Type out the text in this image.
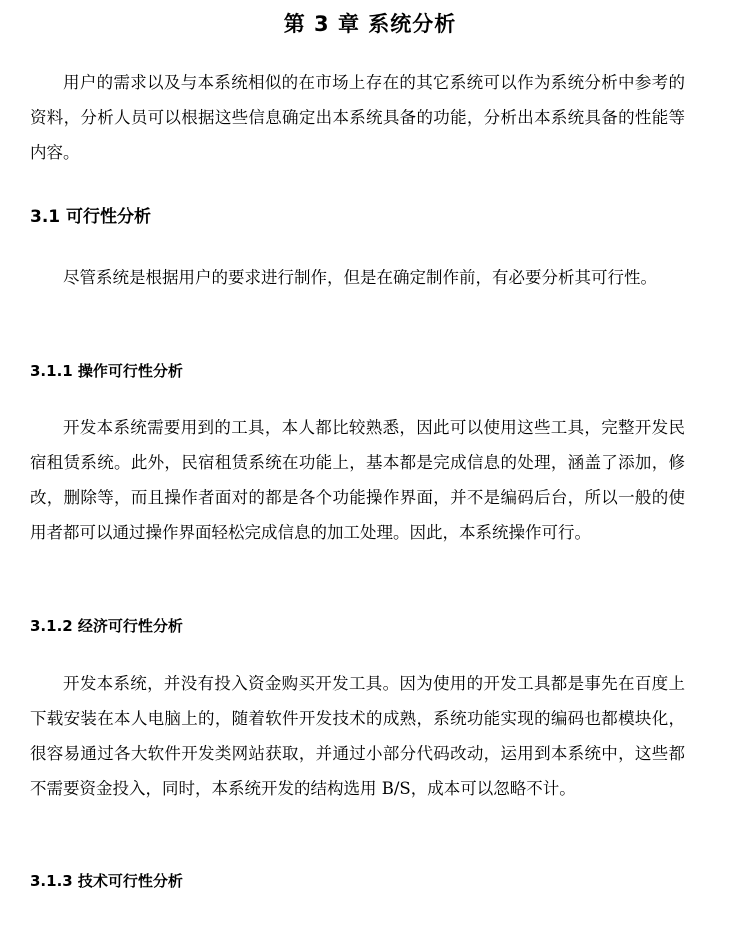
第 3 章 系统分析

用户的需求以及与本系统相似的在市场上存在的其它系统可以作为系统分析中参考的资料，分析人员可以根据这些信息确定出本系统具备的功能，分析出本系统具备的性能等内容。

3.1 可行性分析

尽管系统是根据用户的要求进行制作，但是在确定制作前，有必要分析其可行性。

3.1.1 操作可行性分析

开发本系统需要用到的工具，本人都比较熟悉，因此可以使用这些工具，完整开发民宿租赁系统。此外，民宿租赁系统在功能上，基本都是完成信息的处理，涵盖了添加，修改，删除等，而且操作者面对的都是各个功能操作界面，并不是编码后台，所以一般的使用者都可以通过操作界面轻松完成信息的加工处理。因此，本系统操作可行。

3.1.2 经济可行性分析

开发本系统，并没有投入资金购买开发工具。因为使用的开发工具都是事先在百度上下载安装在本人电脑上的，随着软件开发技术的成熟，系统功能实现的编码也都模块化，很容易通过各大软件开发类网站获取，并通过小部分代码改动，运用到本系统中，这些都不需要资金投入，同时，本系统开发的结构选用 B/S，成本可以忽略不计。

3.1.3 技术可行性分析
